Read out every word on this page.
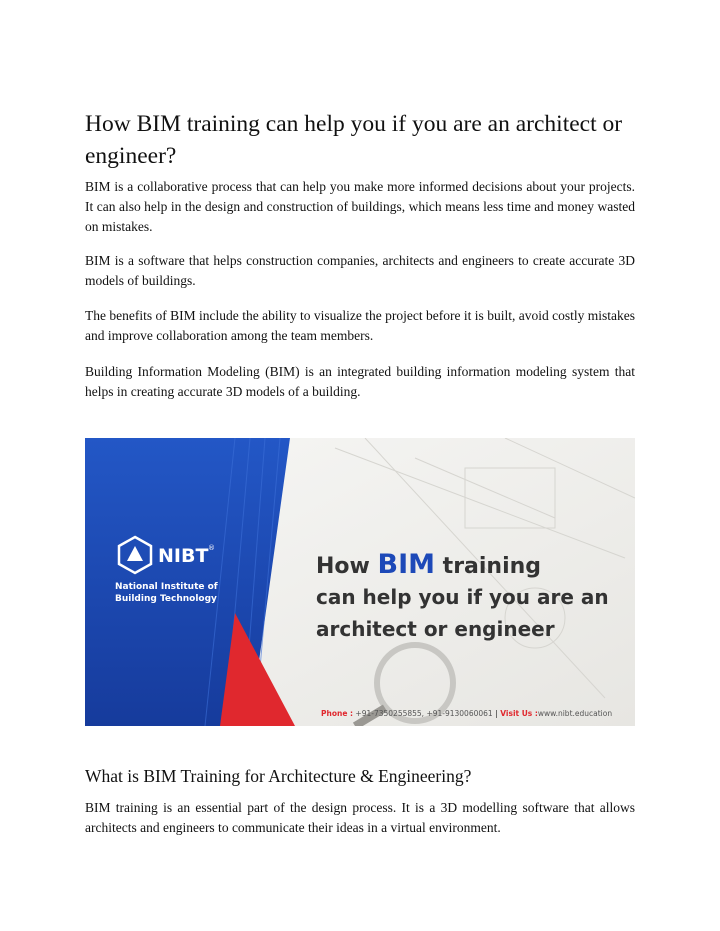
How BIM training can help you if you are an architect or engineer?

BIM is a collaborative process that can help you make more informed decisions about your projects. It can also help in the design and construction of buildings, which means less time and money wasted on mistakes.

BIM is a software that helps construction companies, architects and engineers to create accurate 3D models of buildings.

The benefits of BIM include the ability to visualize the project before it is built, avoid costly mistakes and improve collaboration among the team members.

Building Information Modeling (BIM) is an integrated building information modeling system that helps in creating accurate 3D models of a building.

NIBT ®
National Institute of
Building Technology
How BIM training
can help you if you are an
architect or engineer
Phone : +91-7350255855, +91-9130060061 | Visit Us :www.nibt.education
What is BIM Training for Architecture & Engineering?

BIM training is an essential part of the design process. It is a 3D modelling software that allows architects and engineers to communicate their ideas in a virtual environment.
